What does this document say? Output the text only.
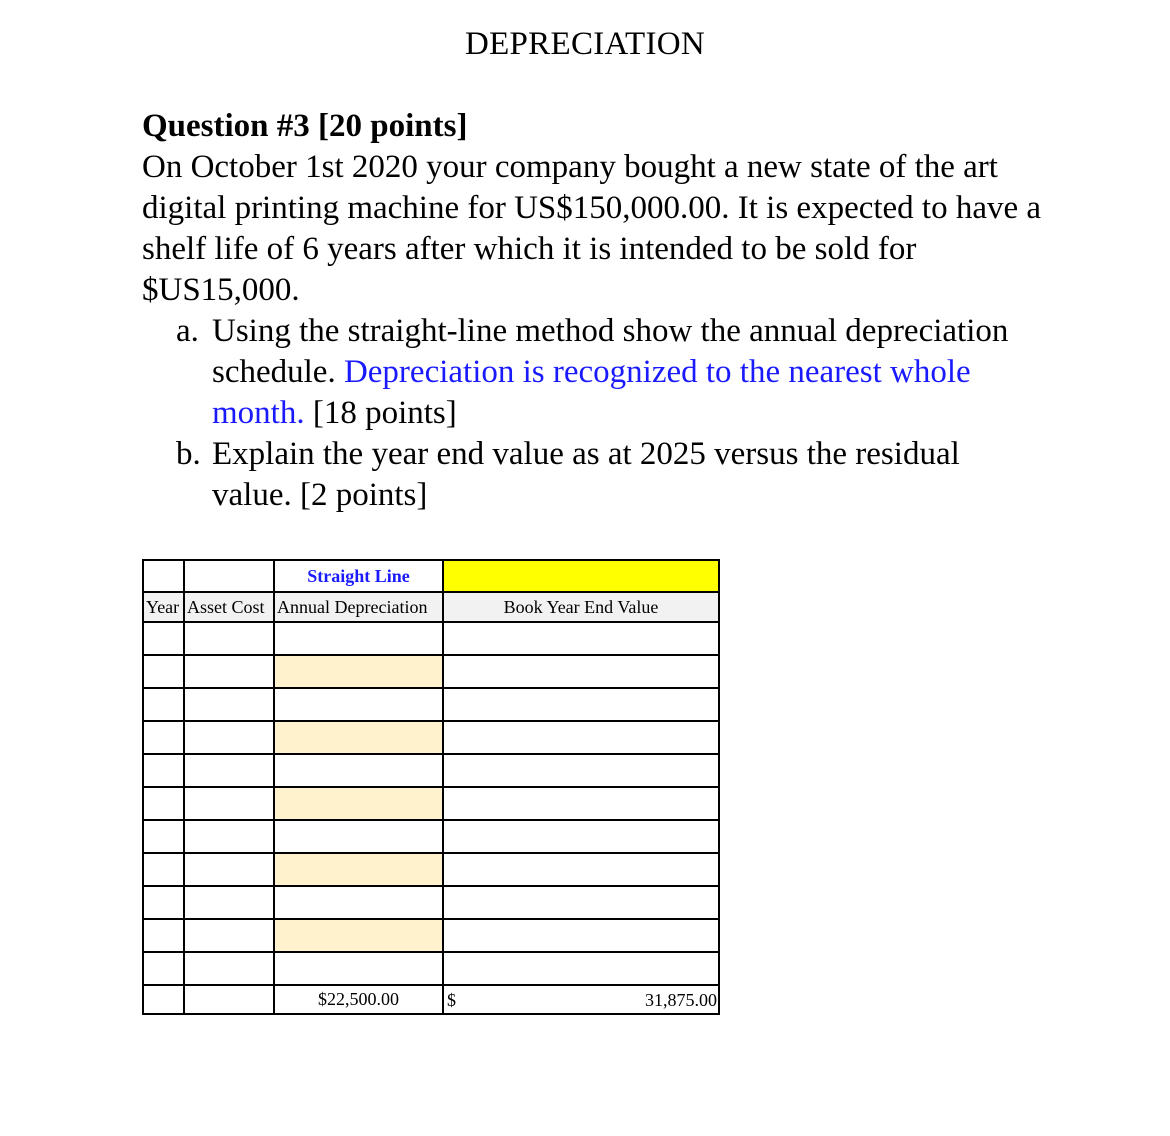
DEPRECIATION
Question #3 [20 points]

On October 1st 2020 your company bought a new state of the art digital printing machine for US$150,000.00. It is expected to have a shelf life of 6 years after which it is intended to be sold for $US15,000.

a. Using the straight-line method show the annual depreciation schedule. Depreciation is recognized to the nearest whole month. [18 points]
b. Explain the year end value as at 2025 versus the residual value. [2 points]
		Straight Line	
Year	Asset Cost	Annual Depreciation	Book Year End Value

		$22,500.00	$ 31,875.00
